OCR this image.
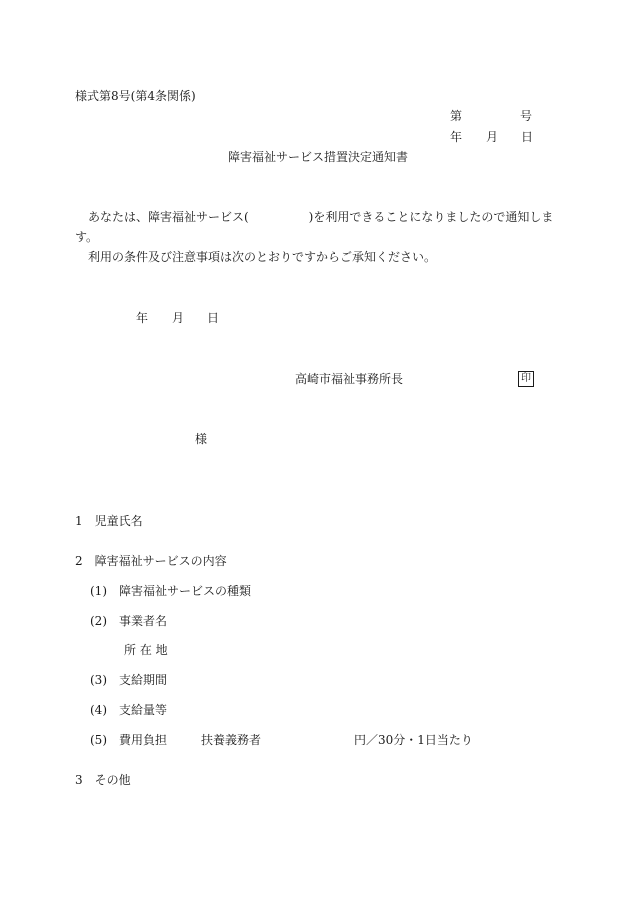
様式第8号(第4条関係)
第	号
年 月 日
障害福祉サービス措置決定通知書
あなたは、障害福祉サービス(　　　　　)を利用できることになりましたので通知しま
す。
利用の条件及び注意事項は次のとおりですからご承知ください。
年 月 日
高崎市福祉事務所長	印
様
1　児童氏名
2　障害福祉サービスの内容
(1)　障害福祉サービスの種類
(2)　事業者名
所 在 地
(3)　支給期間
(4)　支給量等
(5)　費用負担	扶養義務者	円／30分・1日当たり
3　その他
